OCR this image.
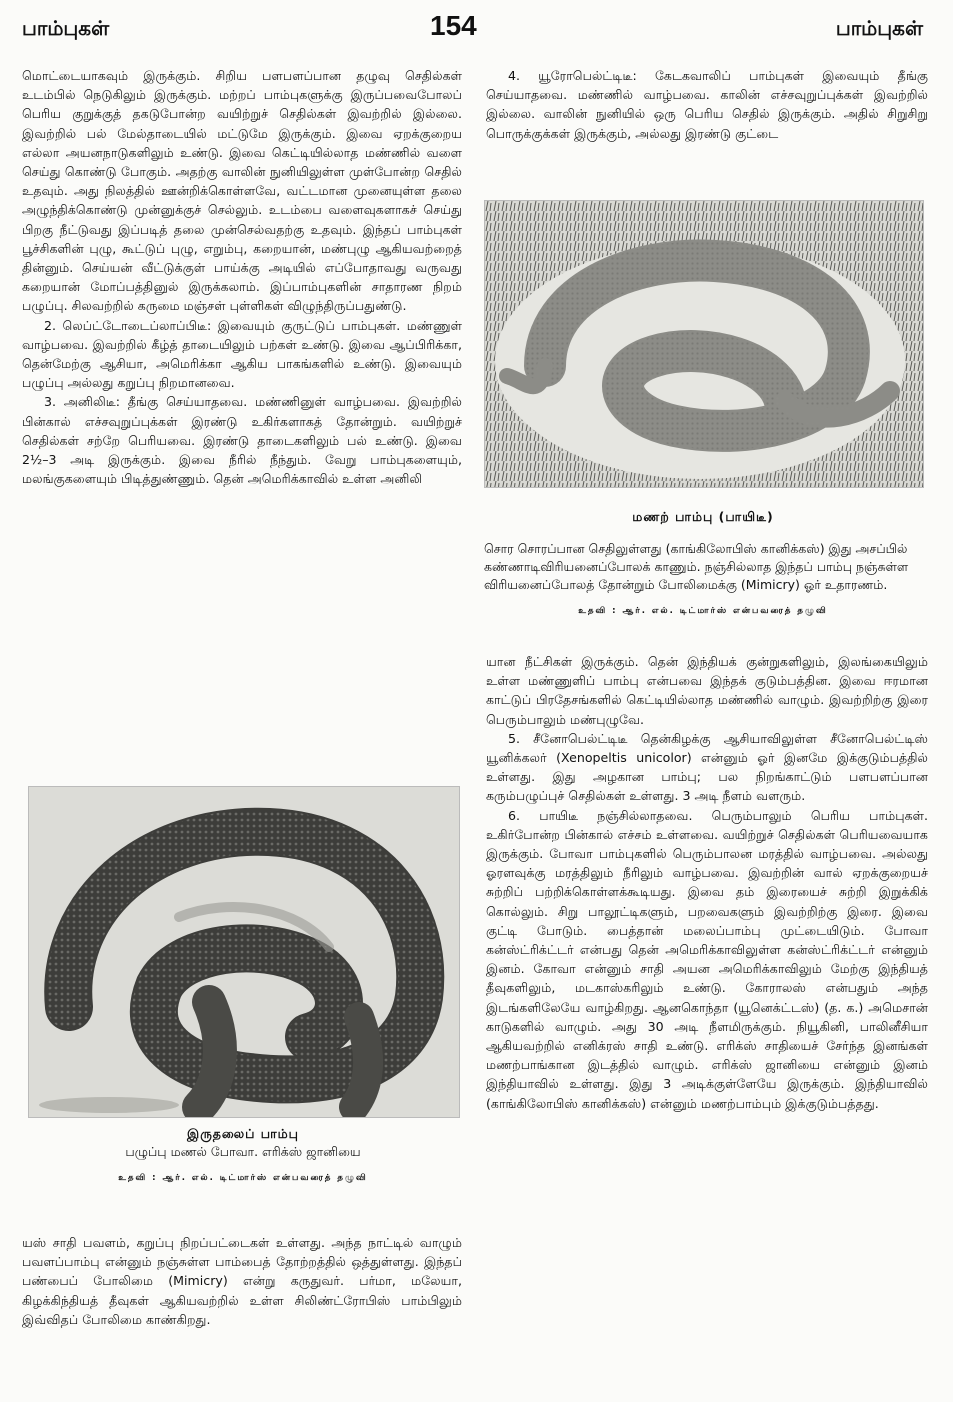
பாம்புகள்	154	பாம்புகள்

மொட்டையாகவும் இருக்கும். சிறிய பளபளப்பான தழுவு செதில்கள் உடம்பில் நெடுகிலும் இருக்கும். மற்றப் பாம்புகளுக்கு இருப்பவைபோலப் பெரிய குறுக்குத் தகடுபோன்ற வயிற்றுச் செதில்கள் இவற்றில் இல்லை. இவற்றில் பல் மேல்தாடையில் மட்டுமே இருக்கும். இவை ஏறக்குறைய எல்லா அயனநாடுகளிலும் உண்டு. இவை கெட்டியில்லாத மண்ணில் வளை செய்து கொண்டு போகும். அதற்கு வாலின் நுனியிலுள்ள முள்போன்ற செதில் உதவும். அது நிலத்தில் ஊன்றிக்கொள்ளவே, வட்டமான முனையுள்ள தலை அழுந்திக்கொண்டு முன்னுக்குச் செல்லும். உடம்பை வளைவுகளாகச் செய்து பிறகு நீட்டுவது இப்படித் தலை முன்செல்வதற்கு உதவும். இந்தப் பாம்புகள் பூச்சிகளின் புழு, கூட்டுப் புழு, எறும்பு, கறையான், மண்புழு ஆகியவற்றைத் தின்னும். செய்யன் வீட்டுக்குள் பாய்க்கு அடியில் எப்போதாவது வருவது கறையான் மோப்பத்தினுல் இருக்கலாம். இப்பாம்புகளின் சாதாரண நிறம் பழுப்பு. சிலவற்றில் கருமை மஞ்சள் புள்ளிகள் விழுந்திருப்பதுண்டு.

2. லெப்ட்டோடைப்லாப்பிடீ: இவையும் குருட்டுப் பாம்புகள். மண்ணுள் வாழ்பவை. இவற்றில் கீழ்த் தாடையிலும் பற்கள் உண்டு. இவை ஆப்பிரிக்கா, தென்மேற்கு ஆசியா, அமெரிக்கா ஆகிய பாகங்களில் உண்டு. இவையும் பழுப்பு அல்லது கறுப்பு நிறமானவை.

3. அனிலிடீ: தீங்கு செய்யாதவை. மண்ணினுள் வாழ்பவை. இவற்றில் பின்கால் எச்சவுறுப்புக்கள் இரண்டு உகிர்களாகத் தோன்றும். வயிற்றுச் செதில்கள் சற்றே பெரியவை. இரண்டு தாடைகளிலும் பல் உண்டு. இவை 2½–3 அடி இருக்கும். இவை நீரில் நீந்தும். வேறு பாம்புகளையும், மலங்குகளையும் பிடித்துண்ணும். தென் அமெரிக்காவில் உள்ள அனிலி

இருதலைப் பாம்பு
பழுப்பு மணல் போவா. எரிக்ஸ் ஜானியை
உதவி : ஆர். எல். டிட்மார்ஸ் என்பவரைத் தழுவி

யஸ் சாதி பவளம், கறுப்பு நிறப்பட்டைகள் உள்ளது. அந்த நாட்டில் வாழும் பவளப்பாம்பு என்னும் நஞ்சுள்ள பாம்பைத் தோற்றத்தில் ஒத்துள்ளது. இந்தப் பண்பைப் போலிமை (Mimicry) என்று கருதுவர். பர்மா, மலேயா, கிழக்கிந்தியத் தீவுகள் ஆகியவற்றில் உள்ள சிலிண்ட்ரோபிஸ் பாம்பிலும் இவ்விதப் போலிமை காண்கிறது.

4. யூரோபெல்ட்டிடீ: கேடகவாலிப் பாம்புகள் இவையும் தீங்கு செய்யாதவை. மண்ணில் வாழ்பவை. காலின் எச்சவுறுப்புக்கள் இவற்றில் இல்லை. வாலின் நுனியில் ஒரு பெரிய செதில் இருக்கும். அதில் சிறுசிறு பொருக்குக்கள் இருக்கும், அல்லது இரண்டு குட்டை

மணற் பாம்பு (பாயிடீ)
சொர சொரப்பான செதிலுள்ளது (காங்கிலோபிஸ் கானிக்கஸ்) இது அசப்பில் கண்ணாடிவிரியனைப்போலக் காணும். நஞ்சில்லாத இந்தப் பாம்பு நஞ்சுள்ள விரியனைப்போலத் தோன்றும் போலிமைக்கு (Mimicry) ஓர் உதாரணம்.
உதவி : ஆர். எல். டிட்மார்ஸ் என்பவரைத் தழுவி

யான நீட்சிகள் இருக்கும். தென் இந்தியக் குன்றுகளிலும், இலங்கையிலும் உள்ள மண்ணுளிப் பாம்பு என்பவை இந்தக் குடும்பத்தின. இவை ஈரமான காட்டுப் பிரதேசங்களில் கெட்டியில்லாத மண்ணில் வாழும். இவற்றிற்கு இரை பெரும்பாலும் மண்புழுவே.

5. சீனோபெல்ட்டிடீ தென்கிழக்கு ஆசியாவிலுள்ள சீனோபெல்ட்டிஸ் யூனிக்கலர் (Xenopeltis unicolor) என்னும் ஓர் இனமே இக்குடும்பத்தில் உள்ளது. இது அழகான பாம்பு; பல நிறங்காட்டும் பளபளப்பான கரும்பழுப்புச் செதில்கள் உள்ளது. 3 அடி நீளம் வளரும்.

6. பாயிடீ நஞ்சில்லாதவை. பெரும்பாலும் பெரிய பாம்புகள். உகிர்போன்ற பின்கால் எச்சம் உள்ளவை. வயிற்றுச் செதில்கள் பெரியவையாக இருக்கும். போவா பாம்புகளில் பெரும்பாலன மரத்தில் வாழ்பவை. அல்லது ஓரளவுக்கு மரத்திலும் நீரிலும் வாழ்பவை. இவற்றின் வால் ஏறக்குறையச் சுற்றிப் பற்றிக்கொள்ளக்கூடியது. இவை தம் இரையைச் சுற்றி இறுக்கிக் கொல்லும். சிறு பாலூட்டிகளும், பறவைகளும் இவற்றிற்கு இரை. இவை குட்டி போடும். பைத்தான் மலைப்பாம்பு முட்டையிடும். போவா கன்ஸ்ட்ரிக்ட்டர் என்பது தென் அமெரிக்காவிலுள்ள கன்ஸ்ட்ரிக்ட்டர் என்னும் இனம். கோவா என்னும் சாதி அயன அமெரிக்காவிலும் மேற்கு இந்தியத் தீவுகளிலும், மடகாஸ்கரிலும் உண்டு. கோராலஸ் என்பதும் அந்த இடங்களிலேயே வாழ்கிறது. ஆனகொந்தா (யூனெக்ட்டஸ்) (த. க.) அமெசான் காடுகளில் வாழும். அது 30 அடி நீளமிருக்கும். நியூகினி, பாலினீசியா ஆகியவற்றில் எனிக்ரஸ் சாதி உண்டு. எரிக்ஸ் சாதியைச் சேர்ந்த இனங்கள் மணற்பாங்கான இடத்தில் வாழும். எரிக்ஸ் ஜானியை என்னும் இனம் இந்தியாவில் உள்ளது. இது 3 அடிக்குள்ளேயே இருக்கும். இந்தியாவில் (காங்கிலோபிஸ் கானிக்கஸ்) என்னும் மணற்பாம்பும் இக்குடும்பத்தது.
